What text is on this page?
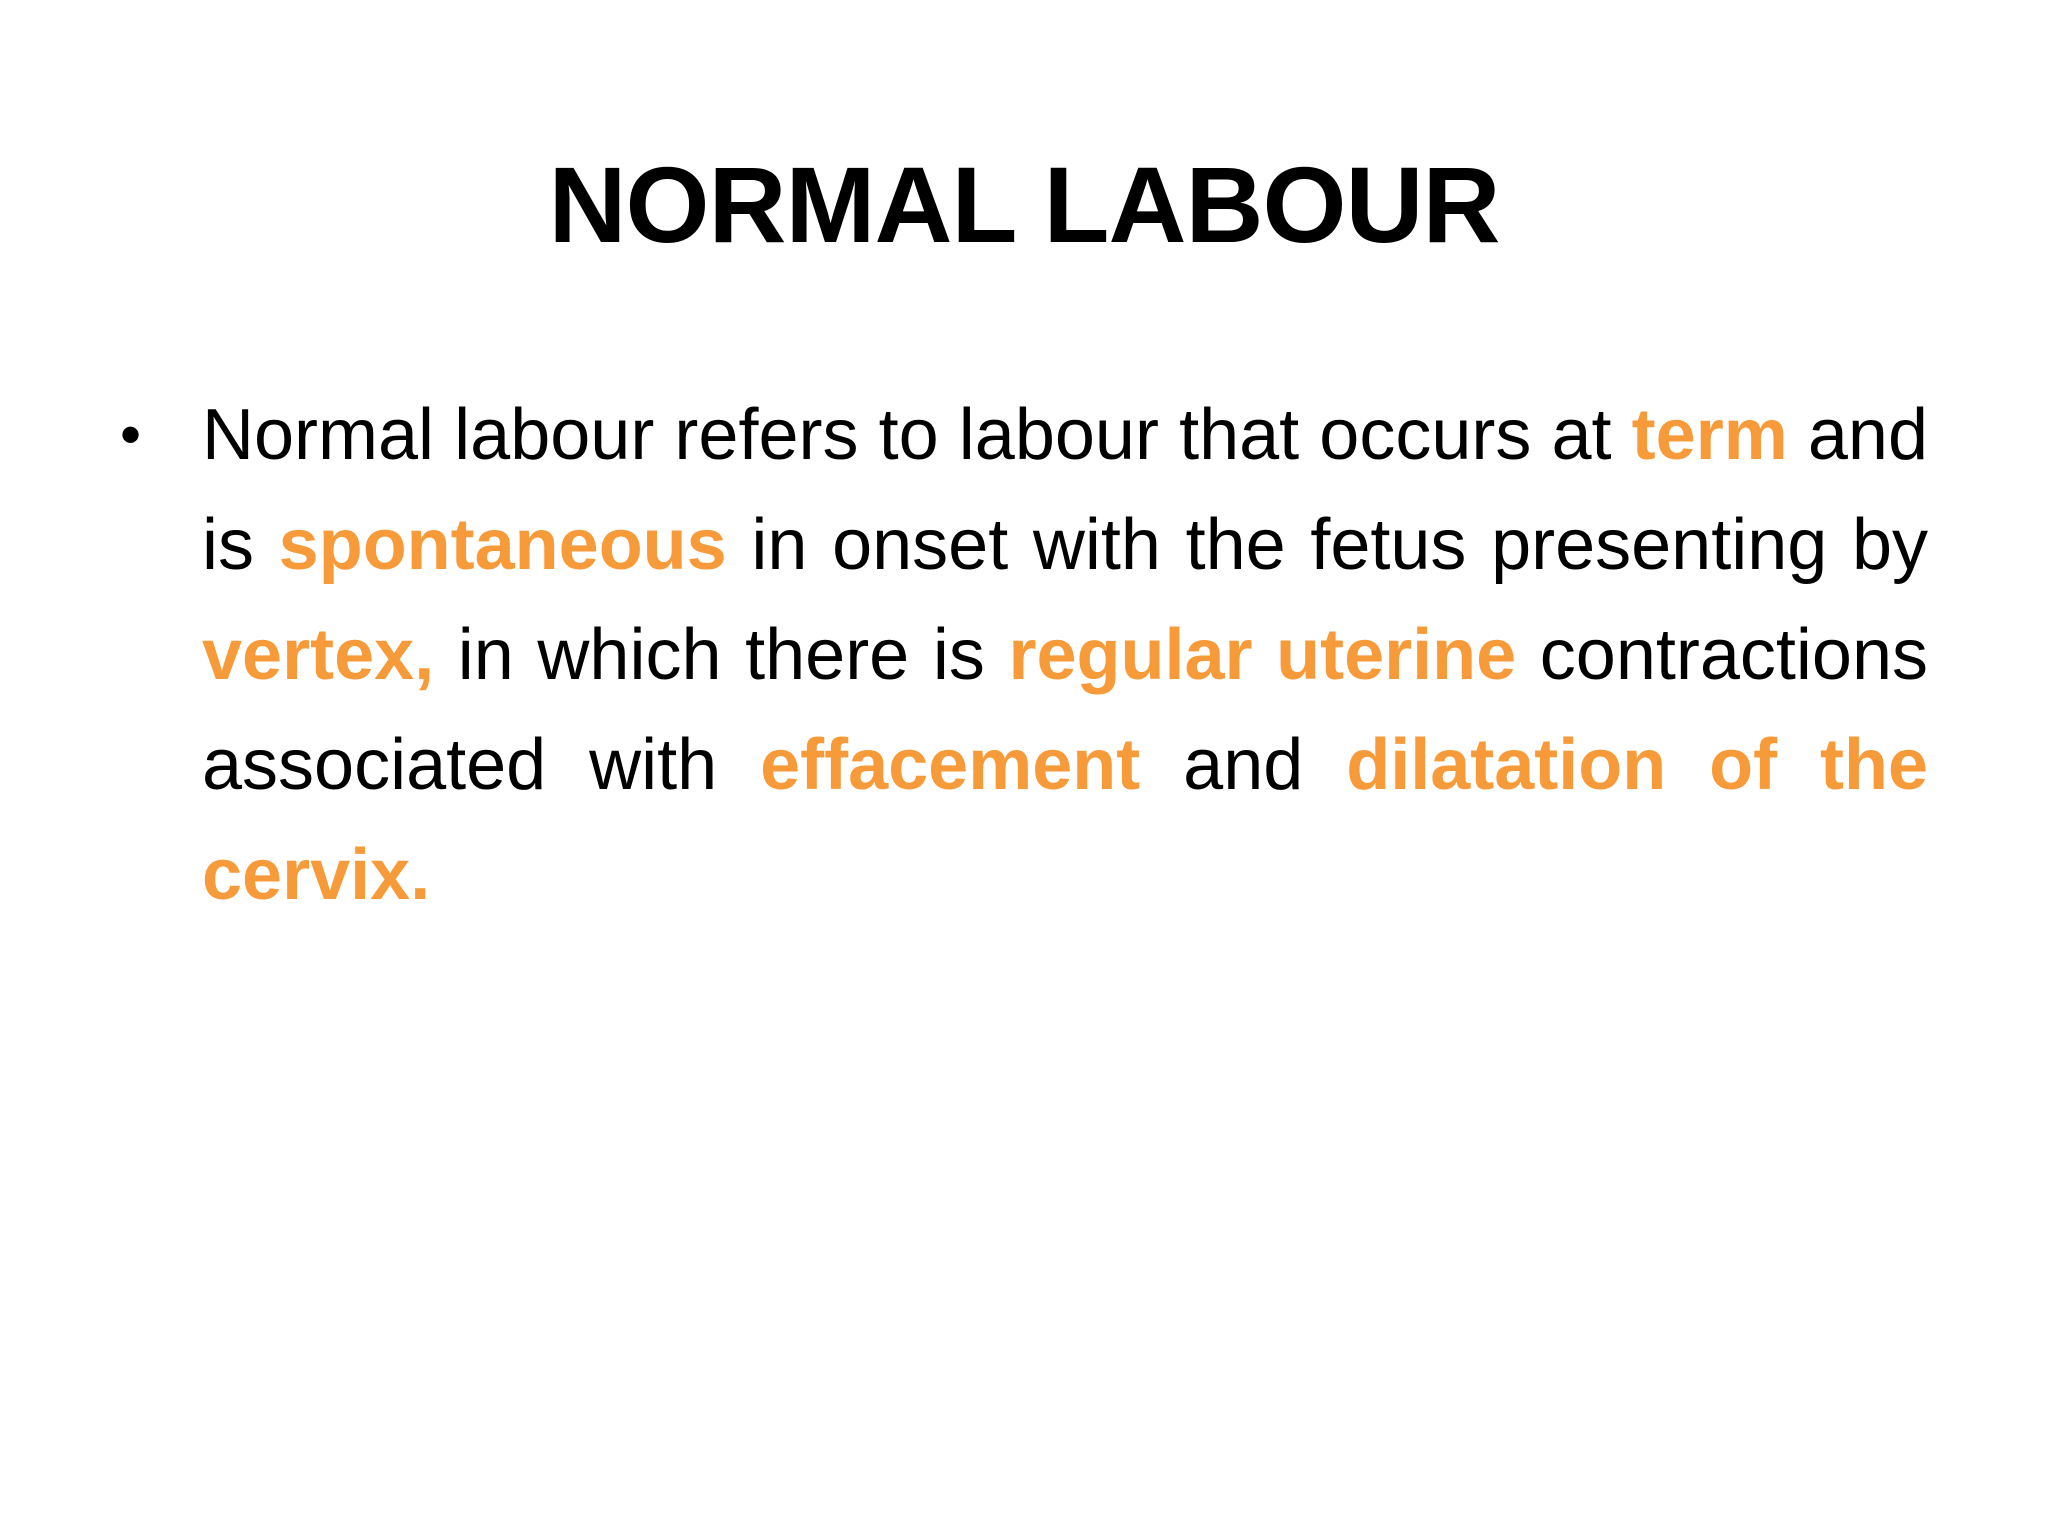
NORMAL LABOUR
• Normal labour refers to labour that occurs at term and is spontaneous in onset with the fetus presenting by vertex, in which there is regular uterine contractions associated with effacement and dilatation of the cervix.
